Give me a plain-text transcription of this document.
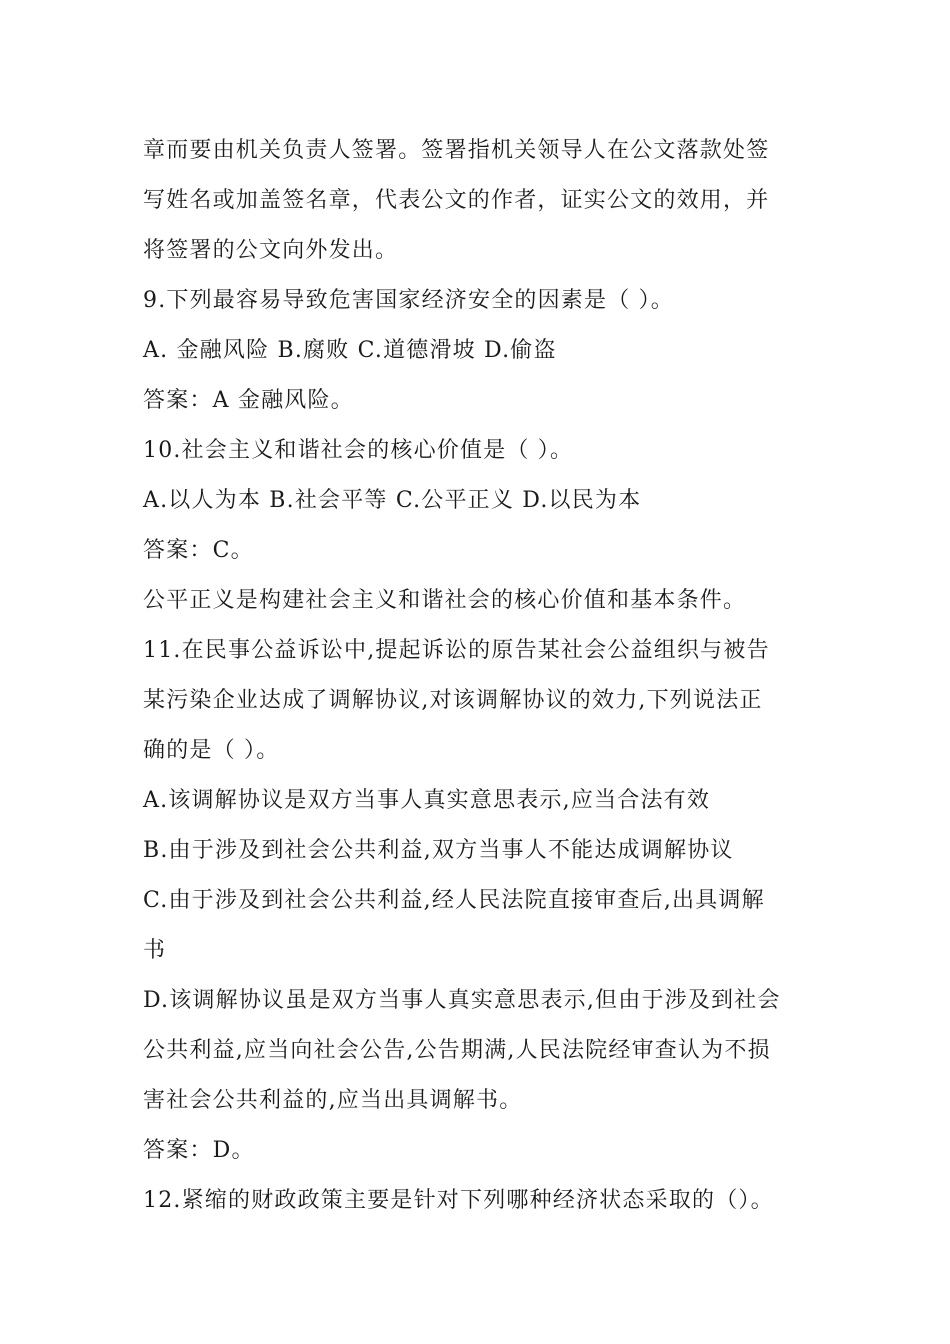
章而要由机关负责人签署。签署指机关领导人在公文落款处签
写姓名或加盖签名章，代表公文的作者，证实公文的效用，并
将签署的公文向外发出。
9.下列最容易导致危害国家经济安全的因素是（ ）。
A. 金融风险 B.腐败 C.道德滑坡 D.偷盗
答案：A 金融风险。
10.社会主义和谐社会的核心价值是（ ）。
A.以人为本 B.社会平等 C.公平正义 D.以民为本
答案：C。
公平正义是构建社会主义和谐社会的核心价值和基本条件。
11.在民事公益诉讼中,提起诉讼的原告某社会公益组织与被告
某污染企业达成了调解协议,对该调解协议的效力,下列说法正
确的是（ ）。
A.该调解协议是双方当事人真实意思表示,应当合法有效
B.由于涉及到社会公共利益,双方当事人不能达成调解协议
C.由于涉及到社会公共利益,经人民法院直接审查后,出具调解
书
D.该调解协议虽是双方当事人真实意思表示,但由于涉及到社会
公共利益,应当向社会公告,公告期满,人民法院经审查认为不损
害社会公共利益的,应当出具调解书。
答案：D。
12.紧缩的财政政策主要是针对下列哪种经济状态采取的（）。
